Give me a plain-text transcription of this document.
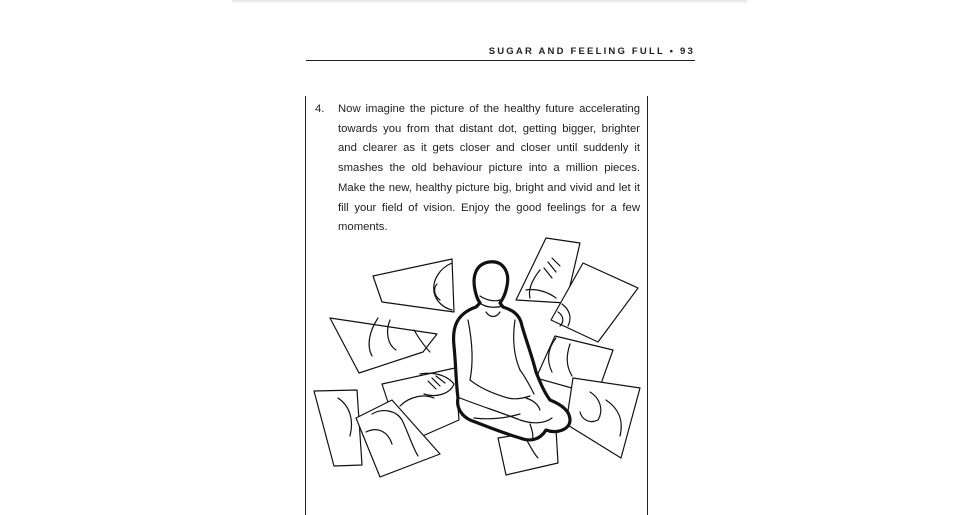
SUGAR AND FEELING FULL • 93
4. Now imagine the picture of the healthy future accelerating towards you from that distant dot, getting bigger, brighter and clearer as it gets closer and closer until suddenly it smashes the old behaviour picture into a million pieces. Make the new, healthy picture big, bright and vivid and let it fill your field of vision. Enjoy the good feelings for a few moments.
